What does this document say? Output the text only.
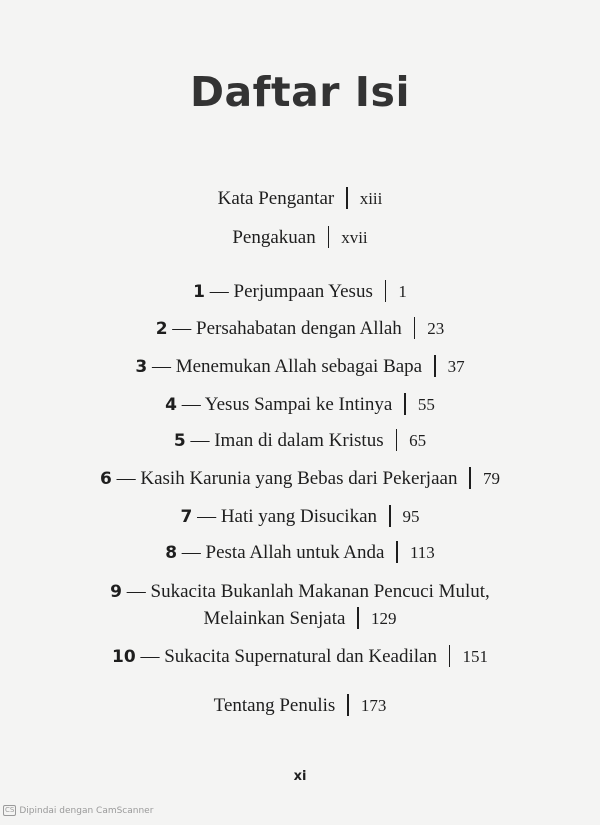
Daftar Isi
Kata Pengantar xiii
Pengakuan xvii
1 — Perjumpaan Yesus 1
2 — Persahabatan dengan Allah 23
3 — Menemukan Allah sebagai Bapa 37
4 — Yesus Sampai ke Intinya 55
5 — Iman di dalam Kristus 65
6 — Kasih Karunia yang Bebas dari Pekerjaan 79
7 — Hati yang Disucikan 95
8 — Pesta Allah untuk Anda 113
9 — Sukacita Bukanlah Makanan Pencuci Mulut,
Melainkan Senjata 129
10 — Sukacita Supernatural dan Keadilan 151
Tentang Penulis 173
xi
CS Dipindai dengan CamScanner
